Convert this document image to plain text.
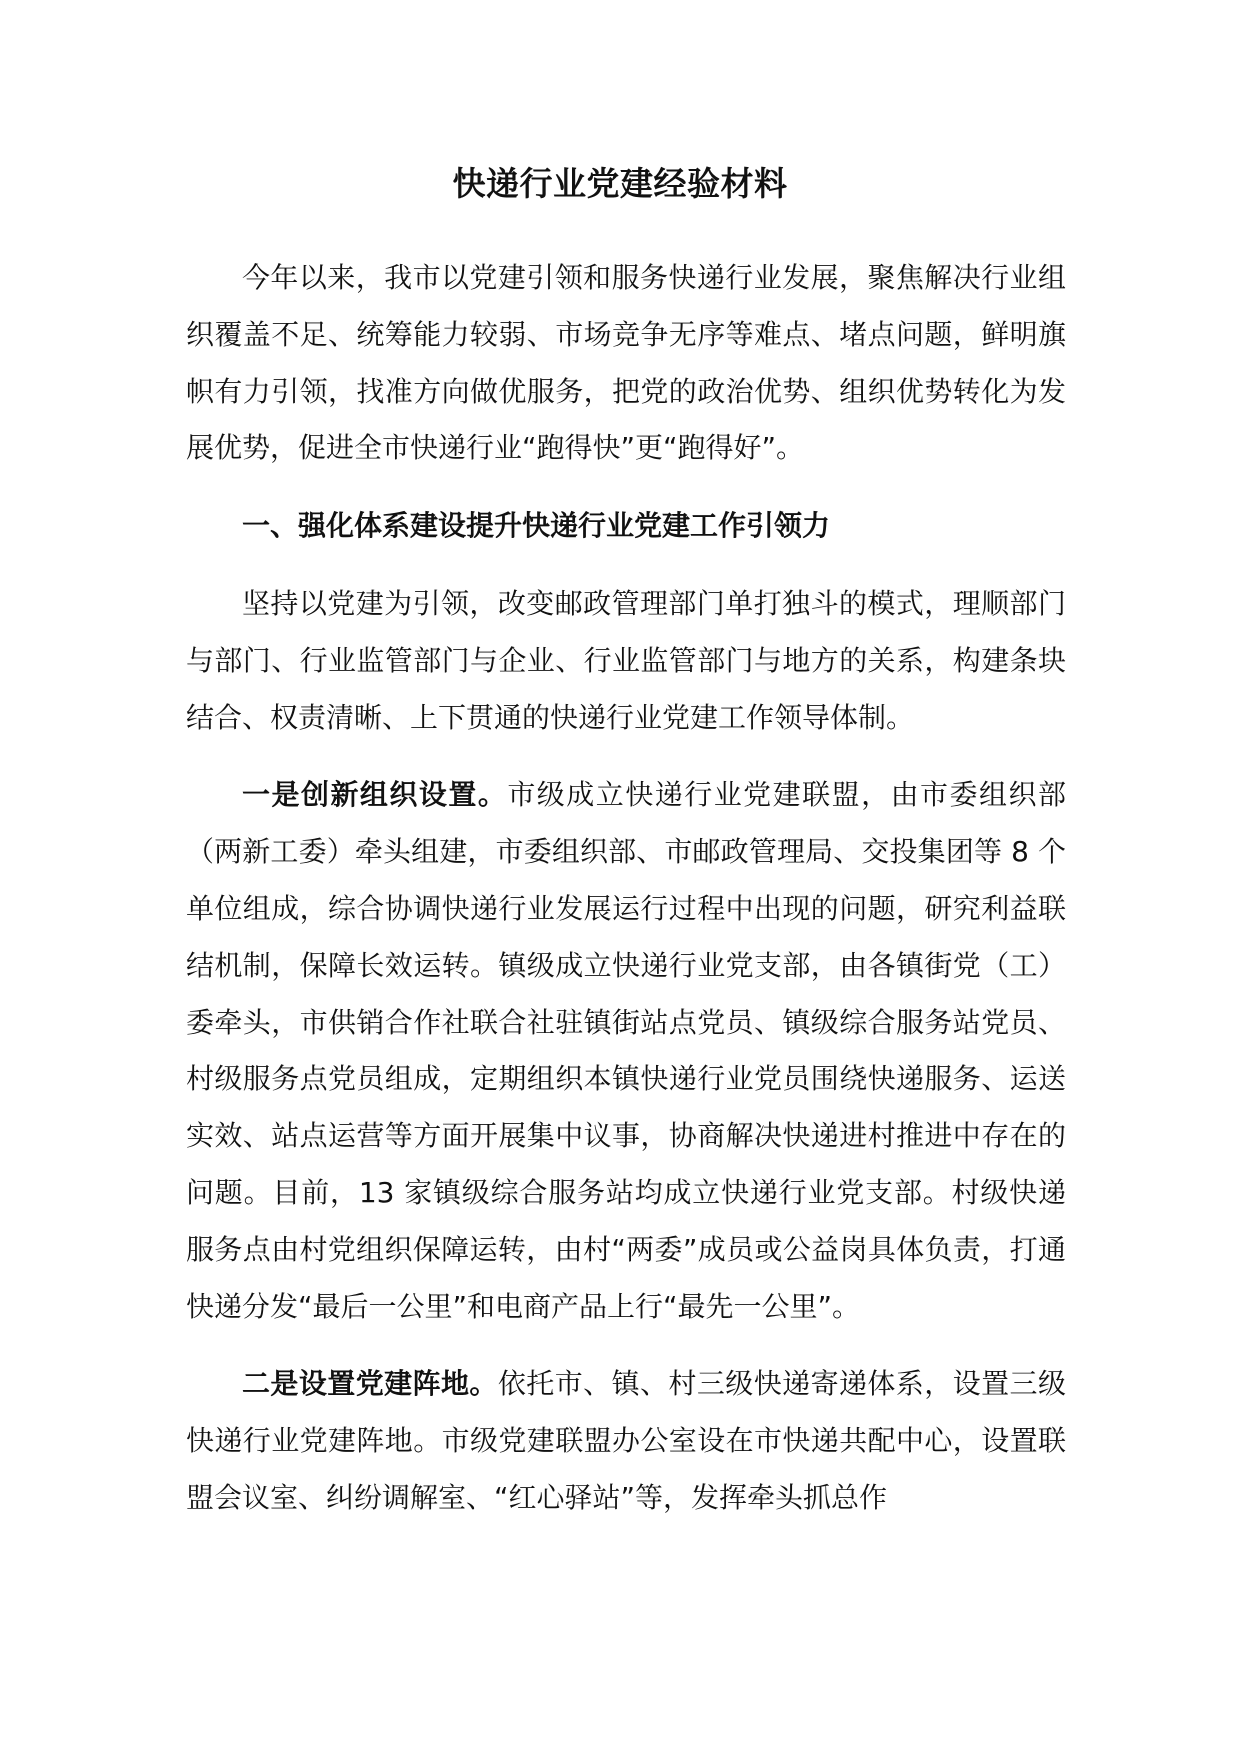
快递行业党建经验材料

今年以来，我市以党建引领和服务快递行业发展，聚焦解决行业组织覆盖不足、统筹能力较弱、市场竞争无序等难点、堵点问题，鲜明旗帜有力引领，找准方向做优服务，把党的政治优势、组织优势转化为发展优势，促进全市快递行业“跑得快”更“跑得好”。

一、强化体系建设提升快递行业党建工作引领力

坚持以党建为引领，改变邮政管理部门单打独斗的模式，理顺部门与部门、行业监管部门与企业、行业监管部门与地方的关系，构建条块结合、权责清晰、上下贯通的快递行业党建工作领导体制。

一是创新组织设置。市级成立快递行业党建联盟，由市委组织部（两新工委）牵头组建，市委组织部、市邮政管理局、交投集团等 8 个单位组成，综合协调快递行业发展运行过程中出现的问题，研究利益联结机制，保障长效运转。镇级成立快递行业党支部，由各镇街党（工）委牵头，市供销合作社联合社驻镇街站点党员、镇级综合服务站党员、村级服务点党员组成，定期组织本镇快递行业党员围绕快递服务、运送实效、站点运营等方面开展集中议事，协商解决快递进村推进中存在的问题。目前，13 家镇级综合服务站均成立快递行业党支部。村级快递服务点由村党组织保障运转，由村“两委”成员或公益岗具体负责，打通快递分发“最后一公里”和电商产品上行“最先一公里”。

二是设置党建阵地。依托市、镇、村三级快递寄递体系，设置三级快递行业党建阵地。市级党建联盟办公室设在市快递共配中心，设置联盟会议室、纠纷调解室、“红心驿站”等，发挥牵头抓总作
